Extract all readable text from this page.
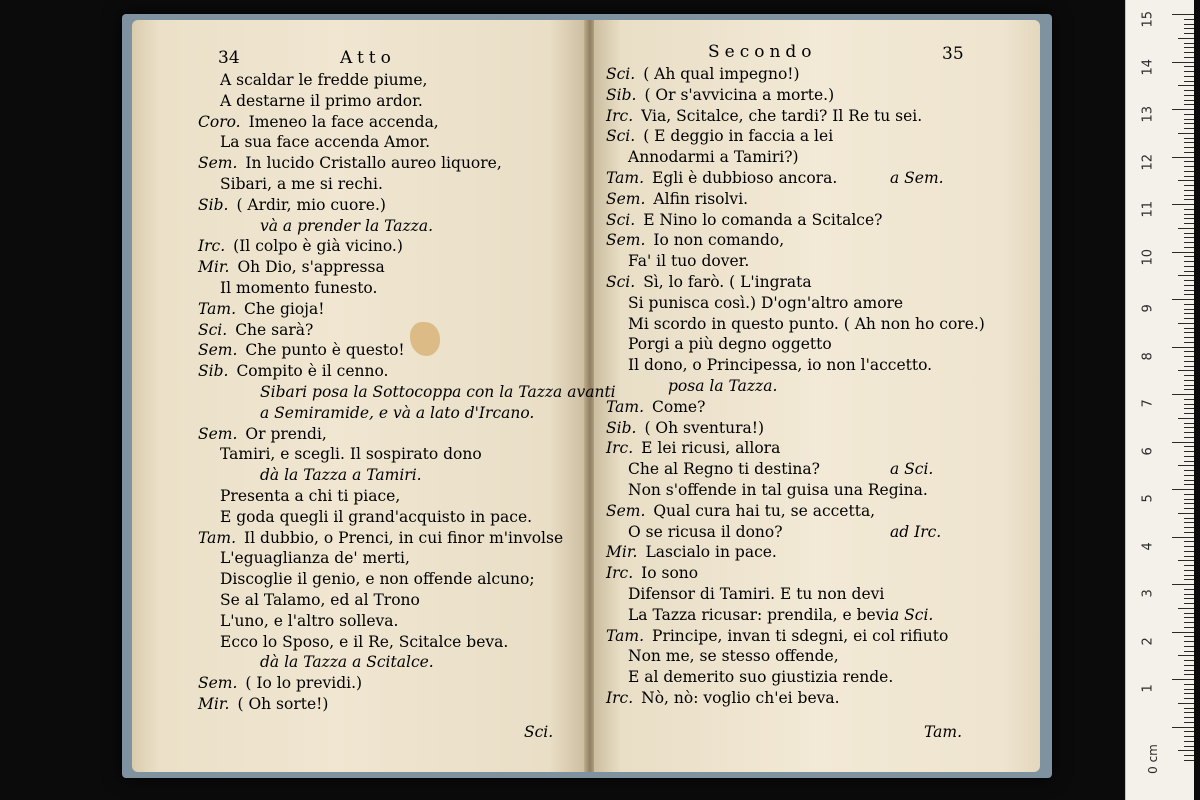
34	Atto	Secondo	35
A scaldar le fredde piume,
A destarne il primo ardor.
Coro. Imeneo la face accenda,
La sua face accenda Amor.
Sem. In lucido Cristallo aureo liquore,
Sibari, a me si rechi.
Sib. ( Ardir, mio cuore.)
và a prender la Tazza.
Irc. (Il colpo è già vicino.)
Mir. Oh Dio, s'appressa
Il momento funesto.
Tam. Che gioja!
Sci. Che sarà?
Sem. Che punto è questo!
Sib. Compito è il cenno.
Sibari posa la Sottocoppa con la Tazza avanti
a Semiramide, e và a lato d'Ircano.
Sem. Or prendi,
Tamiri, e scegli. Il sospirato dono
dà la Tazza a Tamiri.
Presenta a chi ti piace,
E goda quegli il grand'acquisto in pace.
Tam. Il dubbio, o Prenci, in cui finor m'involse
L'eguaglianza de' merti,
Discoglie il genio, e non offende alcuno;
Se al Talamo, ed al Trono
L'uno, e l'altro solleva.
Ecco lo Sposo, e il Re, Scitalce beva.
dà la Tazza a Scitalce.
Sem. ( Io lo previdi.)
Mir. ( Oh sorte!)
Sci. ( Ah qual impegno!)
Sib. ( Or s'avvicina a morte.)
Irc. Via, Scitalce, che tardi? Il Re tu sei.
Sci. ( E deggio in faccia a lei
Annodarmi a Tamiri?)
Tam. Egli è dubbioso ancora.	a Sem.
Sem. Alfin risolvi.
Sci. E Nino lo comanda a Scitalce?
Sem. Io non comando,
Fa' il tuo dover.
Sci. Sì, lo farò. ( L'ingrata
Si punisca così.) D'ogn'altro amore
Mi scordo in questo punto. ( Ah non ho core.)
Porgi a più degno oggetto
Il dono, o Principessa, io non l'accetto.
posa la Tazza.
Tam. Come?
Sib. ( Oh sventura!)
Irc. E lei ricusi, allora
Che al Regno ti destina?	a Sci.
Non s'offende in tal guisa una Regina.
Sem. Qual cura hai tu, se accetta,
O se ricusa il dono?	ad Irc.
Mir. Lascialo in pace.
Irc. Io sono
Difensor di Tamiri. E tu non devi
La Tazza ricusar: prendila, e bevi.
a Sci.
Tam. Principe, invan ti sdegni, ei col rifiuto
Non me, se stesso offende,
E al demerito suo giustizia rende.
Irc. Nò, nò: voglio ch'ei beva.
Sci.	Tam.
15
14
13
12
11
10
9
8
7
6
5
4
3
2
1
0 cm
